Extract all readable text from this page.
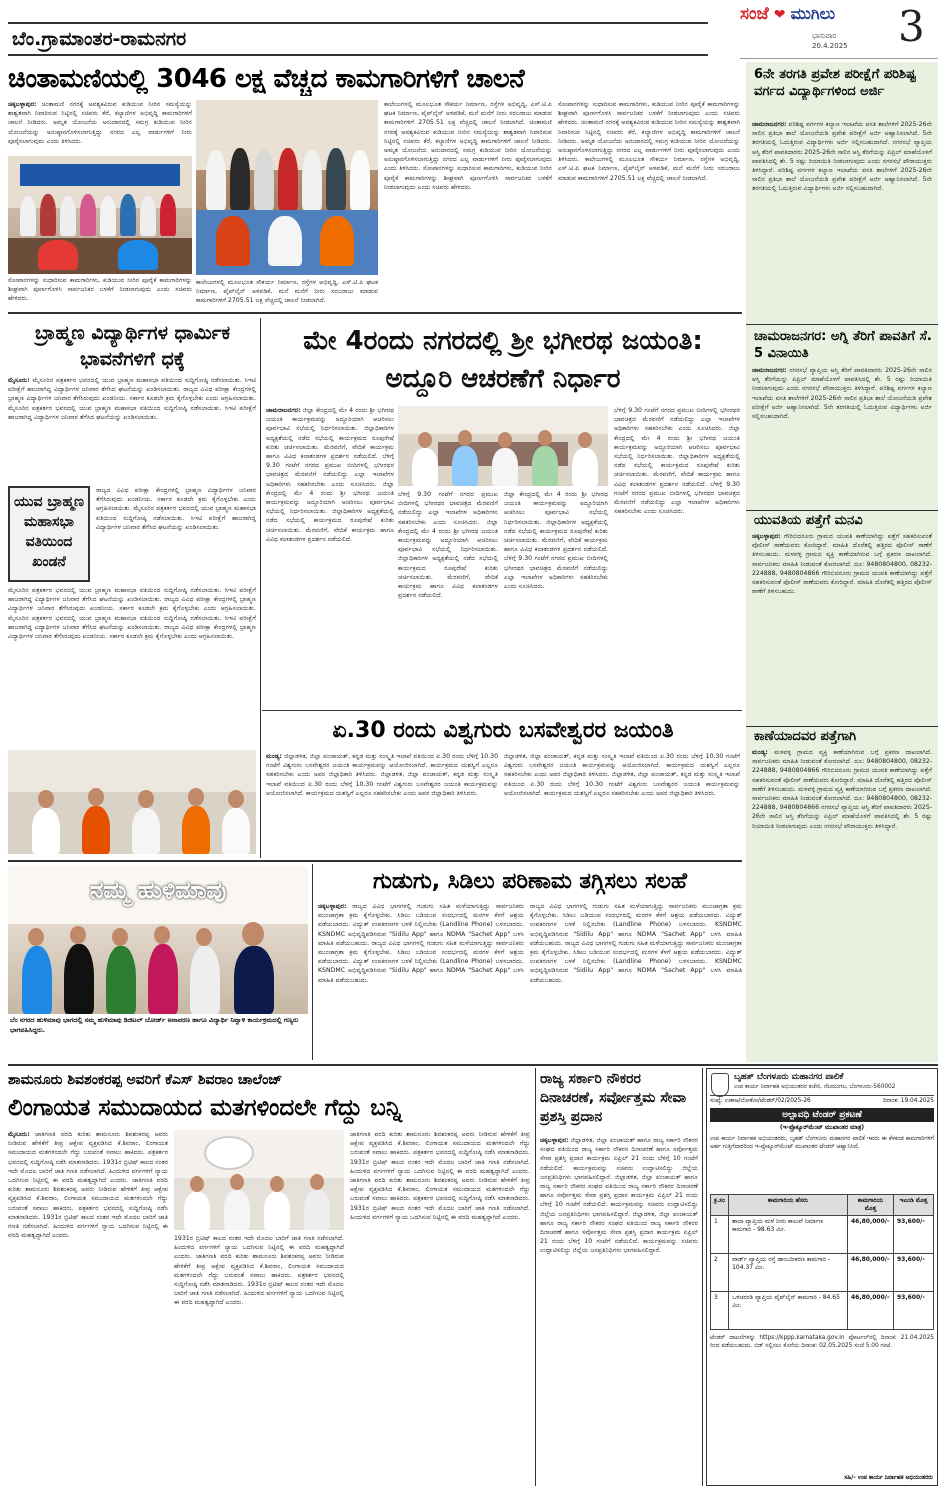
ಬೆಂ.ಗ್ರಾಮಾಂತರ-ರಾಮನಗರ
ಸಂಜೆ ❤ ಮುಗಿಲು
ಭಾನುವಾರ
20.4.2025 3
ಚಿಂತಾಮಣಿಯಲ್ಲಿ 3046 ಲಕ್ಷ ವೆಚ್ಚದ ಕಾಮಗಾರಿಗಳಿಗೆ ಚಾಲನೆ
ಚಿಕ್ಕಬಳ್ಳಾಪುರ: ಚಿಂತಾಮಣಿ ನಗರಕ್ಕೆ ಅವಶ್ಯಕವಿರುವ ಕುಡಿಯುವ ನೀರಿನ ಸಮಸ್ಯೆಯನ್ನು ಶಾಶ್ವತವಾಗಿ ನಿವಾರಿಸುವ ನಿಟ್ಟಿನಲ್ಲಿ ಸಚಿವರು ಕೆರೆ, ಕಲ್ಯಾಣಿಗಳ ಅಭಿವೃದ್ಧಿ ಕಾಮಗಾರಿಗಳಿಗೆ ಚಾಲನೆ ನೀಡಿದರು. ಅಮೃತ ಯೋಜನೆಯ ಅನುದಾನದಲ್ಲಿ ಸಮಗ್ರ ಕುಡಿಯುವ ನೀರಿನ ಯೋಜನೆಯನ್ನು ಅನುಷ್ಠಾನಗೊಳಿಸಲಾಗುತ್ತಿದ್ದು ನಗರದ ಎಲ್ಲ ವಾರ್ಡುಗಳಿಗೆ ನೀರು ಪೂರೈಸಲಾಗುವುದು ಎಂದು ತಿಳಿಸಿದರು.
ಸೋಪಾನಗಳನ್ನು ಸುಧಾರಿಸುವ ಕಾಮಗಾರಿಗಳು, ಕುಡಿಯುವ ನೀರಿನ ಪೂರೈಕೆ ಕಾಮಗಾರಿಗಳನ್ನು ಶೀಘ್ರವಾಗಿ ಪೂರ್ಣಗೊಳಿಸಿ ಸಾರ್ವಜನಿಕರ ಬಳಕೆಗೆ ನೀಡಲಾಗುವುದು ಎಂದು ಸಚಿವರು ಹೇಳಿದರು.
ಕಾಲೇಜುಗಳಲ್ಲಿ ಮೂಲಭೂತ ಸೌಕರ್ಯ ನಿರ್ಮಾಣ, ರಸ್ತೆಗಳ ಅಭಿವೃದ್ಧಿ, ಎಸ್.ಟಿ.ಪಿ ಘಟಕ ನಿರ್ಮಾಣ, ಪೈಪ್‌ಲೈನ್ ಅಳವಡಿಕೆ, ಮನೆ ಮನೆಗೆ ನೀರು ಸರಬರಾಜು ಮಾಡುವ ಕಾಮಗಾರಿಗಳಿಗೆ 2705.51 ಲಕ್ಷ ವೆಚ್ಚದಲ್ಲಿ ಚಾಲನೆ ನೀಡಲಾಗಿದೆ.
ಕಾಲೇಜುಗಳಲ್ಲಿ ಮೂಲಭೂತ ಸೌಕರ್ಯ ನಿರ್ಮಾಣ, ರಸ್ತೆಗಳ ಅಭಿವೃದ್ಧಿ, ಎಸ್.ಟಿ.ಪಿ ಘಟಕ ನಿರ್ಮಾಣ, ಪೈಪ್‌ಲೈನ್ ಅಳವಡಿಕೆ, ಮನೆ ಮನೆಗೆ ನೀರು ಸರಬರಾಜು ಮಾಡುವ ಕಾಮಗಾರಿಗಳಿಗೆ 2705.51 ಲಕ್ಷ ವೆಚ್ಚದಲ್ಲಿ ಚಾಲನೆ ನೀಡಲಾಗಿದೆ. ಚಿಂತಾಮಣಿ ನಗರಕ್ಕೆ ಅವಶ್ಯಕವಿರುವ ಕುಡಿಯುವ ನೀರಿನ ಸಮಸ್ಯೆಯನ್ನು ಶಾಶ್ವತವಾಗಿ ನಿವಾರಿಸುವ ನಿಟ್ಟಿನಲ್ಲಿ ಸಚಿವರು ಕೆರೆ, ಕಲ್ಯಾಣಿಗಳ ಅಭಿವೃದ್ಧಿ ಕಾಮಗಾರಿಗಳಿಗೆ ಚಾಲನೆ ನೀಡಿದರು. ಅಮೃತ ಯೋಜನೆಯ ಅನುದಾನದಲ್ಲಿ ಸಮಗ್ರ ಕುಡಿಯುವ ನೀರಿನ ಯೋಜನೆಯನ್ನು ಅನುಷ್ಠಾನಗೊಳಿಸಲಾಗುತ್ತಿದ್ದು ನಗರದ ಎಲ್ಲ ವಾರ್ಡುಗಳಿಗೆ ನೀರು ಪೂರೈಸಲಾಗುವುದು ಎಂದು ತಿಳಿಸಿದರು. ಸೋಪಾನಗಳನ್ನು ಸುಧಾರಿಸುವ ಕಾಮಗಾರಿಗಳು, ಕುಡಿಯುವ ನೀರಿನ ಪೂರೈಕೆ ಕಾಮಗಾರಿಗಳನ್ನು ಶೀಘ್ರವಾಗಿ ಪೂರ್ಣಗೊಳಿಸಿ ಸಾರ್ವಜನಿಕರ ಬಳಕೆಗೆ ನೀಡಲಾಗುವುದು ಎಂದು ಸಚಿವರು ಹೇಳಿದರು.
ಸೋಪಾನಗಳನ್ನು ಸುಧಾರಿಸುವ ಕಾಮಗಾರಿಗಳು, ಕುಡಿಯುವ ನೀರಿನ ಪೂರೈಕೆ ಕಾಮಗಾರಿಗಳನ್ನು ಶೀಘ್ರವಾಗಿ ಪೂರ್ಣಗೊಳಿಸಿ ಸಾರ್ವಜನಿಕರ ಬಳಕೆಗೆ ನೀಡಲಾಗುವುದು ಎಂದು ಸಚಿವರು ಹೇಳಿದರು. ಚಿಂತಾಮಣಿ ನಗರಕ್ಕೆ ಅವಶ್ಯಕವಿರುವ ಕುಡಿಯುವ ನೀರಿನ ಸಮಸ್ಯೆಯನ್ನು ಶಾಶ್ವತವಾಗಿ ನಿವಾರಿಸುವ ನಿಟ್ಟಿನಲ್ಲಿ ಸಚಿವರು ಕೆರೆ, ಕಲ್ಯಾಣಿಗಳ ಅಭಿವೃದ್ಧಿ ಕಾಮಗಾರಿಗಳಿಗೆ ಚಾಲನೆ ನೀಡಿದರು. ಅಮೃತ ಯೋಜನೆಯ ಅನುದಾನದಲ್ಲಿ ಸಮಗ್ರ ಕುಡಿಯುವ ನೀರಿನ ಯೋಜನೆಯನ್ನು ಅನುಷ್ಠಾನಗೊಳಿಸಲಾಗುತ್ತಿದ್ದು ನಗರದ ಎಲ್ಲ ವಾರ್ಡುಗಳಿಗೆ ನೀರು ಪೂರೈಸಲಾಗುವುದು ಎಂದು ತಿಳಿಸಿದರು. ಕಾಲೇಜುಗಳಲ್ಲಿ ಮೂಲಭೂತ ಸೌಕರ್ಯ ನಿರ್ಮಾಣ, ರಸ್ತೆಗಳ ಅಭಿವೃದ್ಧಿ, ಎಸ್.ಟಿ.ಪಿ ಘಟಕ ನಿರ್ಮಾಣ, ಪೈಪ್‌ಲೈನ್ ಅಳವಡಿಕೆ, ಮನೆ ಮನೆಗೆ ನೀರು ಸರಬರಾಜು ಮಾಡುವ ಕಾಮಗಾರಿಗಳಿಗೆ 2705.51 ಲಕ್ಷ ವೆಚ್ಚದಲ್ಲಿ ಚಾಲನೆ ನೀಡಲಾಗಿದೆ.
6ನೇ ತರಗತಿ ಪ್ರವೇಶ ಪರೀಕ್ಷೆಗೆ ಪರಿಶಿಷ್ಟ ವರ್ಗದ ವಿದ್ಯಾರ್ಥಿಗಳಿಂದ ಅರ್ಜಿ
ಚಾಮರಾಜನಗರ: ಪರಿಶಿಷ್ಟ ವರ್ಗಗಳ ಕಲ್ಯಾಣ ಇಲಾಖೆಯ ವಸತಿ ಶಾಲೆಗಳಿಗೆ 2025-26ನೇ ಸಾಲಿನ ಪ್ರತಿಭಾ ಶಾಲೆ ಯೋಜನೆಯಡಿ ಪ್ರವೇಶ ಪರೀಕ್ಷೆಗೆ ಅರ್ಜಿ ಆಹ್ವಾನಿಸಲಾಗಿದೆ. 5ನೇ ತರಗತಿಯಲ್ಲಿ ಓದುತ್ತಿರುವ ವಿದ್ಯಾರ್ಥಿಗಳು ಅರ್ಜಿ ಸಲ್ಲಿಸಬಹುದಾಗಿದೆ. ನಗರಸಭೆ ವ್ಯಾಪ್ತಿಯ ಆಸ್ತಿ ತೆರಿಗೆ ಪಾವತಿದಾರರು 2025-26ನೇ ಸಾಲಿನ ಆಸ್ತಿ ತೆರಿಗೆಯನ್ನು ಏಪ್ರಿಲ್ ಮಾಹೆಯೊಳಗೆ ಪಾವತಿಸಿದಲ್ಲಿ ಶೇ. 5 ರಷ್ಟು ರಿಯಾಯಿತಿ ನೀಡಲಾಗುವುದು ಎಂದು ನಗರಸಭೆ ಪೌರಾಯುಕ್ತರು ತಿಳಿಸಿದ್ದಾರೆ. ಪರಿಶಿಷ್ಟ ವರ್ಗಗಳ ಕಲ್ಯಾಣ ಇಲಾಖೆಯ ವಸತಿ ಶಾಲೆಗಳಿಗೆ 2025-26ನೇ ಸಾಲಿನ ಪ್ರತಿಭಾ ಶಾಲೆ ಯೋಜನೆಯಡಿ ಪ್ರವೇಶ ಪರೀಕ್ಷೆಗೆ ಅರ್ಜಿ ಆಹ್ವಾನಿಸಲಾಗಿದೆ. 5ನೇ ತರಗತಿಯಲ್ಲಿ ಓದುತ್ತಿರುವ ವಿದ್ಯಾರ್ಥಿಗಳು ಅರ್ಜಿ ಸಲ್ಲಿಸಬಹುದಾಗಿದೆ.
ಚಾಮರಾಜನಗರ: ಅಗ್ನಿ ತೆರಿಗೆ ಪಾವತಿಗೆ ಸೆ. 5 ವಿನಾಯಿತಿ
ಚಾಮರಾಜನಗರ: ನಗರಸಭೆ ವ್ಯಾಪ್ತಿಯ ಆಸ್ತಿ ತೆರಿಗೆ ಪಾವತಿದಾರರು 2025-26ನೇ ಸಾಲಿನ ಆಸ್ತಿ ತೆರಿಗೆಯನ್ನು ಏಪ್ರಿಲ್ ಮಾಹೆಯೊಳಗೆ ಪಾವತಿಸಿದಲ್ಲಿ ಶೇ. 5 ರಷ್ಟು ರಿಯಾಯಿತಿ ನೀಡಲಾಗುವುದು ಎಂದು ನಗರಸಭೆ ಪೌರಾಯುಕ್ತರು ತಿಳಿಸಿದ್ದಾರೆ. ಪರಿಶಿಷ್ಟ ವರ್ಗಗಳ ಕಲ್ಯಾಣ ಇಲಾಖೆಯ ವಸತಿ ಶಾಲೆಗಳಿಗೆ 2025-26ನೇ ಸಾಲಿನ ಪ್ರತಿಭಾ ಶಾಲೆ ಯೋಜನೆಯಡಿ ಪ್ರವೇಶ ಪರೀಕ್ಷೆಗೆ ಅರ್ಜಿ ಆಹ್ವಾನಿಸಲಾಗಿದೆ. 5ನೇ ತರಗತಿಯಲ್ಲಿ ಓದುತ್ತಿರುವ ವಿದ್ಯಾರ್ಥಿಗಳು ಅರ್ಜಿ ಸಲ್ಲಿಸಬಹುದಾಗಿದೆ.
ಯುವತಿಯ ಪತ್ತೆಗೆ ಮನವಿ
ಚಿಕ್ಕಬಳ್ಳಾಪುರ: ಗೌರಿಬಿದನೂರು ಗ್ರಾಮದ ಯುವತಿ ಕಾಣೆಯಾಗಿದ್ದು ಪತ್ತೆಗೆ ಸಹಕರಿಸುವಂತೆ ಪೊಲೀಸ್ ಠಾಣೆಯವರು ಕೋರಿದ್ದಾರೆ. ಮಾಹಿತಿ ದೊರೆತಲ್ಲಿ ಹತ್ತಿರದ ಪೊಲೀಸ್ ಠಾಣೆಗೆ ತಿಳಿಸಬಹುದು. ಮಳವಳ್ಳಿ ಗ್ರಾಮದ ವ್ಯಕ್ತಿ ಕಾಣೆಯಾಗಿರುವ ಬಗ್ಗೆ ಪ್ರಕರಣ ದಾಖಲಾಗಿದೆ. ಸಾರ್ವಜನಿಕರು ಮಾಹಿತಿ ನೀಡುವಂತೆ ಕೋರಲಾಗಿದೆ. ದೂ: 9480804800, 08232-224888, 9480804866 ಗೌರಿಬಿದನೂರು ಗ್ರಾಮದ ಯುವತಿ ಕಾಣೆಯಾಗಿದ್ದು ಪತ್ತೆಗೆ ಸಹಕರಿಸುವಂತೆ ಪೊಲೀಸ್ ಠಾಣೆಯವರು ಕೋರಿದ್ದಾರೆ. ಮಾಹಿತಿ ದೊರೆತಲ್ಲಿ ಹತ್ತಿರದ ಪೊಲೀಸ್ ಠಾಣೆಗೆ ತಿಳಿಸಬಹುದು.
ಕಾಣೆಯಾದವರ ಪತ್ತೆಗಾಗಿ
ಮಂಡ್ಯ: ಮಳವಳ್ಳಿ ಗ್ರಾಮದ ವ್ಯಕ್ತಿ ಕಾಣೆಯಾಗಿರುವ ಬಗ್ಗೆ ಪ್ರಕರಣ ದಾಖಲಾಗಿದೆ. ಸಾರ್ವಜನಿಕರು ಮಾಹಿತಿ ನೀಡುವಂತೆ ಕೋರಲಾಗಿದೆ. ದೂ: 9480804800, 08232-224888, 9480804866 ಗೌರಿಬಿದನೂರು ಗ್ರಾಮದ ಯುವತಿ ಕಾಣೆಯಾಗಿದ್ದು ಪತ್ತೆಗೆ ಸಹಕರಿಸುವಂತೆ ಪೊಲೀಸ್ ಠಾಣೆಯವರು ಕೋರಿದ್ದಾರೆ. ಮಾಹಿತಿ ದೊರೆತಲ್ಲಿ ಹತ್ತಿರದ ಪೊಲೀಸ್ ಠಾಣೆಗೆ ತಿಳಿಸಬಹುದು. ಮಳವಳ್ಳಿ ಗ್ರಾಮದ ವ್ಯಕ್ತಿ ಕಾಣೆಯಾಗಿರುವ ಬಗ್ಗೆ ಪ್ರಕರಣ ದಾಖಲಾಗಿದೆ. ಸಾರ್ವಜನಿಕರು ಮಾಹಿತಿ ನೀಡುವಂತೆ ಕೋರಲಾಗಿದೆ. ದೂ: 9480804800, 08232-224888, 9480804866 ನಗರಸಭೆ ವ್ಯಾಪ್ತಿಯ ಆಸ್ತಿ ತೆರಿಗೆ ಪಾವತಿದಾರರು 2025-26ನೇ ಸಾಲಿನ ಆಸ್ತಿ ತೆರಿಗೆಯನ್ನು ಏಪ್ರಿಲ್ ಮಾಹೆಯೊಳಗೆ ಪಾವತಿಸಿದಲ್ಲಿ ಶೇ. 5 ರಷ್ಟು ರಿಯಾಯಿತಿ ನೀಡಲಾಗುವುದು ಎಂದು ನಗರಸಭೆ ಪೌರಾಯುಕ್ತರು ತಿಳಿಸಿದ್ದಾರೆ.
ಬ್ರಾಹ್ಮಣ ವಿದ್ಯಾರ್ಥಿಗಳ ಧಾರ್ಮಿಕ ಭಾವನೆಗಳಿಗೆ ಧಕ್ಕೆ
ಮೈಸೂರು: ಮೈಸೂರಿನ ಪತ್ರಕರ್ತರ ಭವನದಲ್ಲಿ ಯುವ ಬ್ರಾಹ್ಮಣ ಮಹಾಸಭಾ ವತಿಯಿಂದ ಸುದ್ದಿಗೋಷ್ಠಿ ನಡೆಸಲಾಯಿತು. ಸಿಇಟಿ ಪರೀಕ್ಷೆಗೆ ಹಾಜರಾಗಿದ್ದ ವಿದ್ಯಾರ್ಥಿಗಳ ಜನಿವಾರ ತೆಗೆಸಿದ ಘಟನೆಯನ್ನು ಖಂಡಿಸಲಾಯಿತು. ರಾಜ್ಯದ ವಿವಿಧ ಪರೀಕ್ಷಾ ಕೇಂದ್ರಗಳಲ್ಲಿ ಬ್ರಾಹ್ಮಣ ವಿದ್ಯಾರ್ಥಿಗಳ ಜನಿವಾರ ತೆಗೆಸಿರುವುದು ಖಂಡನೀಯ. ಸರ್ಕಾರ ಕೂಡಲೇ ಕ್ರಮ ಕೈಗೊಳ್ಳಬೇಕು ಎಂದು ಆಗ್ರಹಿಸಲಾಯಿತು. ಮೈಸೂರಿನ ಪತ್ರಕರ್ತರ ಭವನದಲ್ಲಿ ಯುವ ಬ್ರಾಹ್ಮಣ ಮಹಾಸಭಾ ವತಿಯಿಂದ ಸುದ್ದಿಗೋಷ್ಠಿ ನಡೆಸಲಾಯಿತು. ಸಿಇಟಿ ಪರೀಕ್ಷೆಗೆ ಹಾಜರಾಗಿದ್ದ ವಿದ್ಯಾರ್ಥಿಗಳ ಜನಿವಾರ ತೆಗೆಸಿದ ಘಟನೆಯನ್ನು ಖಂಡಿಸಲಾಯಿತು.
ಯುವ ಬ್ರಾಹ್ಮಣ ಮಹಾಸಭಾ ವತಿಯಿಂದ ಖಂಡನೆ
ರಾಜ್ಯದ ವಿವಿಧ ಪರೀಕ್ಷಾ ಕೇಂದ್ರಗಳಲ್ಲಿ ಬ್ರಾಹ್ಮಣ ವಿದ್ಯಾರ್ಥಿಗಳ ಜನಿವಾರ ತೆಗೆಸಿರುವುದು ಖಂಡನೀಯ. ಸರ್ಕಾರ ಕೂಡಲೇ ಕ್ರಮ ಕೈಗೊಳ್ಳಬೇಕು ಎಂದು ಆಗ್ರಹಿಸಲಾಯಿತು. ಮೈಸೂರಿನ ಪತ್ರಕರ್ತರ ಭವನದಲ್ಲಿ ಯುವ ಬ್ರಾಹ್ಮಣ ಮಹಾಸಭಾ ವತಿಯಿಂದ ಸುದ್ದಿಗೋಷ್ಠಿ ನಡೆಸಲಾಯಿತು. ಸಿಇಟಿ ಪರೀಕ್ಷೆಗೆ ಹಾಜರಾಗಿದ್ದ ವಿದ್ಯಾರ್ಥಿಗಳ ಜನಿವಾರ ತೆಗೆಸಿದ ಘಟನೆಯನ್ನು ಖಂಡಿಸಲಾಯಿತು.
ಮೈಸೂರಿನ ಪತ್ರಕರ್ತರ ಭವನದಲ್ಲಿ ಯುವ ಬ್ರಾಹ್ಮಣ ಮಹಾಸಭಾ ವತಿಯಿಂದ ಸುದ್ದಿಗೋಷ್ಠಿ ನಡೆಸಲಾಯಿತು. ಸಿಇಟಿ ಪರೀಕ್ಷೆಗೆ ಹಾಜರಾಗಿದ್ದ ವಿದ್ಯಾರ್ಥಿಗಳ ಜನಿವಾರ ತೆಗೆಸಿದ ಘಟನೆಯನ್ನು ಖಂಡಿಸಲಾಯಿತು. ರಾಜ್ಯದ ವಿವಿಧ ಪರೀಕ್ಷಾ ಕೇಂದ್ರಗಳಲ್ಲಿ ಬ್ರಾಹ್ಮಣ ವಿದ್ಯಾರ್ಥಿಗಳ ಜನಿವಾರ ತೆಗೆಸಿರುವುದು ಖಂಡನೀಯ. ಸರ್ಕಾರ ಕೂಡಲೇ ಕ್ರಮ ಕೈಗೊಳ್ಳಬೇಕು ಎಂದು ಆಗ್ರಹಿಸಲಾಯಿತು. ಮೈಸೂರಿನ ಪತ್ರಕರ್ತರ ಭವನದಲ್ಲಿ ಯುವ ಬ್ರಾಹ್ಮಣ ಮಹಾಸಭಾ ವತಿಯಿಂದ ಸುದ್ದಿಗೋಷ್ಠಿ ನಡೆಸಲಾಯಿತು. ಸಿಇಟಿ ಪರೀಕ್ಷೆಗೆ ಹಾಜರಾಗಿದ್ದ ವಿದ್ಯಾರ್ಥಿಗಳ ಜನಿವಾರ ತೆಗೆಸಿದ ಘಟನೆಯನ್ನು ಖಂಡಿಸಲಾಯಿತು. ರಾಜ್ಯದ ವಿವಿಧ ಪರೀಕ್ಷಾ ಕೇಂದ್ರಗಳಲ್ಲಿ ಬ್ರಾಹ್ಮಣ ವಿದ್ಯಾರ್ಥಿಗಳ ಜನಿವಾರ ತೆಗೆಸಿರುವುದು ಖಂಡನೀಯ. ಸರ್ಕಾರ ಕೂಡಲೇ ಕ್ರಮ ಕೈಗೊಳ್ಳಬೇಕು ಎಂದು ಆಗ್ರಹಿಸಲಾಯಿತು.
ಮೇ 4ರಂದು ನಗರದಲ್ಲಿ ಶ್ರೀ ಭಗೀರಥ ಜಯಂತಿ: ಅದ್ದೂರಿ ಆಚರಣೆಗೆ ನಿರ್ಧಾರ
ಚಾಮರಾಜನಗರ: ಜಿಲ್ಲಾ ಕೇಂದ್ರದಲ್ಲಿ ಮೇ 4 ರಂದು ಶ್ರೀ ಭಗೀರಥ ಜಯಂತಿ ಕಾರ್ಯಕ್ರಮವನ್ನು ಅದ್ದೂರಿಯಾಗಿ ಆಚರಿಸಲು ಪೂರ್ವಭಾವಿ ಸಭೆಯಲ್ಲಿ ನಿರ್ಧರಿಸಲಾಯಿತು. ಜಿಲ್ಲಾಧಿಕಾರಿಗಳ ಅಧ್ಯಕ್ಷತೆಯಲ್ಲಿ ನಡೆದ ಸಭೆಯಲ್ಲಿ ಕಾರ್ಯಕ್ರಮದ ರೂಪುರೇಷೆ ಕುರಿತು ಚರ್ಚಿಸಲಾಯಿತು. ಮೆರವಣಿಗೆ, ವೇದಿಕೆ ಕಾರ್ಯಕ್ರಮ ಹಾಗೂ ವಿವಿಧ ಕಲಾತಂಡಗಳ ಪ್ರದರ್ಶನ ನಡೆಯಲಿದೆ. ಬೆಳಿಗ್ಗೆ 9.30 ಗಂಟೆಗೆ ನಗರದ ಪ್ರಮುಖ ಬೀದಿಗಳಲ್ಲಿ ಭಗೀರಥರ ಭಾವಚಿತ್ರದ ಮೆರವಣಿಗೆ ನಡೆಯಲಿದ್ದು ಎಲ್ಲಾ ಇಲಾಖೆಗಳ ಅಧಿಕಾರಿಗಳು ಸಹಕರಿಸಬೇಕು ಎಂದು ಸೂಚಿಸಿದರು. ಜಿಲ್ಲಾ ಕೇಂದ್ರದಲ್ಲಿ ಮೇ 4 ರಂದು ಶ್ರೀ ಭಗೀರಥ ಜಯಂತಿ ಕಾರ್ಯಕ್ರಮವನ್ನು ಅದ್ದೂರಿಯಾಗಿ ಆಚರಿಸಲು ಪೂರ್ವಭಾವಿ ಸಭೆಯಲ್ಲಿ ನಿರ್ಧರಿಸಲಾಯಿತು. ಜಿಲ್ಲಾಧಿಕಾರಿಗಳ ಅಧ್ಯಕ್ಷತೆಯಲ್ಲಿ ನಡೆದ ಸಭೆಯಲ್ಲಿ ಕಾರ್ಯಕ್ರಮದ ರೂಪುರೇಷೆ ಕುರಿತು ಚರ್ಚಿಸಲಾಯಿತು. ಮೆರವಣಿಗೆ, ವೇದಿಕೆ ಕಾರ್ಯಕ್ರಮ ಹಾಗೂ ವಿವಿಧ ಕಲಾತಂಡಗಳ ಪ್ರದರ್ಶನ ನಡೆಯಲಿದೆ.
ಬೆಳಿಗ್ಗೆ 9.30 ಗಂಟೆಗೆ ನಗರದ ಪ್ರಮುಖ ಬೀದಿಗಳಲ್ಲಿ ಭಗೀರಥರ ಭಾವಚಿತ್ರದ ಮೆರವಣಿಗೆ ನಡೆಯಲಿದ್ದು ಎಲ್ಲಾ ಇಲಾಖೆಗಳ ಅಧಿಕಾರಿಗಳು ಸಹಕರಿಸಬೇಕು ಎಂದು ಸೂಚಿಸಿದರು. ಜಿಲ್ಲಾ ಕೇಂದ್ರದಲ್ಲಿ ಮೇ 4 ರಂದು ಶ್ರೀ ಭಗೀರಥ ಜಯಂತಿ ಕಾರ್ಯಕ್ರಮವನ್ನು ಅದ್ದೂರಿಯಾಗಿ ಆಚರಿಸಲು ಪೂರ್ವಭಾವಿ ಸಭೆಯಲ್ಲಿ ನಿರ್ಧರಿಸಲಾಯಿತು. ಜಿಲ್ಲಾಧಿಕಾರಿಗಳ ಅಧ್ಯಕ್ಷತೆಯಲ್ಲಿ ನಡೆದ ಸಭೆಯಲ್ಲಿ ಕಾರ್ಯಕ್ರಮದ ರೂಪುರೇಷೆ ಕುರಿತು ಚರ್ಚಿಸಲಾಯಿತು. ಮೆರವಣಿಗೆ, ವೇದಿಕೆ ಕಾರ್ಯಕ್ರಮ ಹಾಗೂ ವಿವಿಧ ಕಲಾತಂಡಗಳ ಪ್ರದರ್ಶನ ನಡೆಯಲಿದೆ.
ಜಿಲ್ಲಾ ಕೇಂದ್ರದಲ್ಲಿ ಮೇ 4 ರಂದು ಶ್ರೀ ಭಗೀರಥ ಜಯಂತಿ ಕಾರ್ಯಕ್ರಮವನ್ನು ಅದ್ದೂರಿಯಾಗಿ ಆಚರಿಸಲು ಪೂರ್ವಭಾವಿ ಸಭೆಯಲ್ಲಿ ನಿರ್ಧರಿಸಲಾಯಿತು. ಜಿಲ್ಲಾಧಿಕಾರಿಗಳ ಅಧ್ಯಕ್ಷತೆಯಲ್ಲಿ ನಡೆದ ಸಭೆಯಲ್ಲಿ ಕಾರ್ಯಕ್ರಮದ ರೂಪುರೇಷೆ ಕುರಿತು ಚರ್ಚಿಸಲಾಯಿತು. ಮೆರವಣಿಗೆ, ವೇದಿಕೆ ಕಾರ್ಯಕ್ರಮ ಹಾಗೂ ವಿವಿಧ ಕಲಾತಂಡಗಳ ಪ್ರದರ್ಶನ ನಡೆಯಲಿದೆ. ಬೆಳಿಗ್ಗೆ 9.30 ಗಂಟೆಗೆ ನಗರದ ಪ್ರಮುಖ ಬೀದಿಗಳಲ್ಲಿ ಭಗೀರಥರ ಭಾವಚಿತ್ರದ ಮೆರವಣಿಗೆ ನಡೆಯಲಿದ್ದು ಎಲ್ಲಾ ಇಲಾಖೆಗಳ ಅಧಿಕಾರಿಗಳು ಸಹಕರಿಸಬೇಕು ಎಂದು ಸೂಚಿಸಿದರು.
ಬೆಳಿಗ್ಗೆ 9.30 ಗಂಟೆಗೆ ನಗರದ ಪ್ರಮುಖ ಬೀದಿಗಳಲ್ಲಿ ಭಗೀರಥರ ಭಾವಚಿತ್ರದ ಮೆರವಣಿಗೆ ನಡೆಯಲಿದ್ದು ಎಲ್ಲಾ ಇಲಾಖೆಗಳ ಅಧಿಕಾರಿಗಳು ಸಹಕರಿಸಬೇಕು ಎಂದು ಸೂಚಿಸಿದರು. ಜಿಲ್ಲಾ ಕೇಂದ್ರದಲ್ಲಿ ಮೇ 4 ರಂದು ಶ್ರೀ ಭಗೀರಥ ಜಯಂತಿ ಕಾರ್ಯಕ್ರಮವನ್ನು ಅದ್ದೂರಿಯಾಗಿ ಆಚರಿಸಲು ಪೂರ್ವಭಾವಿ ಸಭೆಯಲ್ಲಿ ನಿರ್ಧರಿಸಲಾಯಿತು. ಜಿಲ್ಲಾಧಿಕಾರಿಗಳ ಅಧ್ಯಕ್ಷತೆಯಲ್ಲಿ ನಡೆದ ಸಭೆಯಲ್ಲಿ ಕಾರ್ಯಕ್ರಮದ ರೂಪುರೇಷೆ ಕುರಿತು ಚರ್ಚಿಸಲಾಯಿತು. ಮೆರವಣಿಗೆ, ವೇದಿಕೆ ಕಾರ್ಯಕ್ರಮ ಹಾಗೂ ವಿವಿಧ ಕಲಾತಂಡಗಳ ಪ್ರದರ್ಶನ ನಡೆಯಲಿದೆ. ಬೆಳಿಗ್ಗೆ 9.30 ಗಂಟೆಗೆ ನಗರದ ಪ್ರಮುಖ ಬೀದಿಗಳಲ್ಲಿ ಭಗೀರಥರ ಭಾವಚಿತ್ರದ ಮೆರವಣಿಗೆ ನಡೆಯಲಿದ್ದು ಎಲ್ಲಾ ಇಲಾಖೆಗಳ ಅಧಿಕಾರಿಗಳು ಸಹಕರಿಸಬೇಕು ಎಂದು ಸೂಚಿಸಿದರು.
ಏ.30 ರಂದು ವಿಶ್ವಗುರು ಬಸವೇಶ್ವರರ ಜಯಂತಿ
ಮಂಡ್ಯ: ಜಿಲ್ಲಾಡಳಿತ, ಜಿಲ್ಲಾ ಪಂಚಾಯತ್, ಕನ್ನಡ ಮತ್ತು ಸಂಸ್ಕೃತಿ ಇಲಾಖೆ ವತಿಯಿಂದ ಏ.30 ರಂದು ಬೆಳಿಗ್ಗೆ 10.30 ಗಂಟೆಗೆ ವಿಶ್ವಗುರು ಬಸವೇಶ್ವರರ ಜಯಂತಿ ಕಾರ್ಯಕ್ರಮವನ್ನು ಆಯೋಜಿಸಲಾಗಿದೆ. ಕಾರ್ಯಕ್ರಮದ ಯಶಸ್ವಿಗೆ ಎಲ್ಲರೂ ಸಹಕರಿಸಬೇಕು ಎಂದು ಅಪರ ಜಿಲ್ಲಾಧಿಕಾರಿ ತಿಳಿಸಿದರು. ಜಿಲ್ಲಾಡಳಿತ, ಜಿಲ್ಲಾ ಪಂಚಾಯತ್, ಕನ್ನಡ ಮತ್ತು ಸಂಸ್ಕೃತಿ ಇಲಾಖೆ ವತಿಯಿಂದ ಏ.30 ರಂದು ಬೆಳಿಗ್ಗೆ 10.30 ಗಂಟೆಗೆ ವಿಶ್ವಗುರು ಬಸವೇಶ್ವರರ ಜಯಂತಿ ಕಾರ್ಯಕ್ರಮವನ್ನು ಆಯೋಜಿಸಲಾಗಿದೆ. ಕಾರ್ಯಕ್ರಮದ ಯಶಸ್ವಿಗೆ ಎಲ್ಲರೂ ಸಹಕರಿಸಬೇಕು ಎಂದು ಅಪರ ಜಿಲ್ಲಾಧಿಕಾರಿ ತಿಳಿಸಿದರು.
ಜಿಲ್ಲಾಡಳಿತ, ಜಿಲ್ಲಾ ಪಂಚಾಯತ್, ಕನ್ನಡ ಮತ್ತು ಸಂಸ್ಕೃತಿ ಇಲಾಖೆ ವತಿಯಿಂದ ಏ.30 ರಂದು ಬೆಳಿಗ್ಗೆ 10.30 ಗಂಟೆಗೆ ವಿಶ್ವಗುರು ಬಸವೇಶ್ವರರ ಜಯಂತಿ ಕಾರ್ಯಕ್ರಮವನ್ನು ಆಯೋಜಿಸಲಾಗಿದೆ. ಕಾರ್ಯಕ್ರಮದ ಯಶಸ್ವಿಗೆ ಎಲ್ಲರೂ ಸಹಕರಿಸಬೇಕು ಎಂದು ಅಪರ ಜಿಲ್ಲಾಧಿಕಾರಿ ತಿಳಿಸಿದರು. ಜಿಲ್ಲಾಡಳಿತ, ಜಿಲ್ಲಾ ಪಂಚಾಯತ್, ಕನ್ನಡ ಮತ್ತು ಸಂಸ್ಕೃತಿ ಇಲಾಖೆ ವತಿಯಿಂದ ಏ.30 ರಂದು ಬೆಳಿಗ್ಗೆ 10.30 ಗಂಟೆಗೆ ವಿಶ್ವಗುರು ಬಸವೇಶ್ವರರ ಜಯಂತಿ ಕಾರ್ಯಕ್ರಮವನ್ನು ಆಯೋಜಿಸಲಾಗಿದೆ. ಕಾರ್ಯಕ್ರಮದ ಯಶಸ್ವಿಗೆ ಎಲ್ಲರೂ ಸಹಕರಿಸಬೇಕು ಎಂದು ಅಪರ ಜಿಲ್ಲಾಧಿಕಾರಿ ತಿಳಿಸಿದರು.
ನಮ್ಮ ಹುಳಿಮಾವು
ಬೆಂ ನಗರದ ಹುಳಿಮಾವು ಭಾಗದಲ್ಲಿ ನಮ್ಮ ಹುಳಿಮಾವು ಡಿಜಿಟಲ್ ಬೋರ್ಡ್ ಅನಾವರಣ ಹಾಗೂ ವಿದ್ಯಾರ್ಥಿ ನಿವ್ವಾಳಿ ಕಾರ್ಯಕ್ರಮದಲ್ಲಿ ಗಣ್ಯರು ಭಾಗವಹಿಸಿದ್ದರು.
ಗುಡುಗು, ಸಿಡಿಲು ಪರಿಣಾಮ ತಗ್ಗಿಸಲು ಸಲಹೆ
ಚಿಕ್ಕಬಳ್ಳಾಪುರ: ರಾಜ್ಯದ ವಿವಿಧ ಭಾಗಗಳಲ್ಲಿ ಗುಡುಗು ಸಹಿತ ಮಳೆಯಾಗುತ್ತಿದ್ದು ಸಾರ್ವಜನಿಕರು ಮುಂಜಾಗ್ರತಾ ಕ್ರಮ ಕೈಗೊಳ್ಳಬೇಕು. ಸಿಡಿಲು ಬಡಿಯುವ ಸಂದರ್ಭದಲ್ಲಿ ಮರಗಳ ಕೆಳಗೆ ಆಶ್ರಯ ಪಡೆಯಬಾರದು. ವಿದ್ಯುತ್ ಉಪಕರಣಗಳ ಬಳಕೆ ನಿಲ್ಲಿಸಬೇಕು (Landline Phone) ಬಳಸಬಾರದು. KSNDMC ಅಭಿವೃದ್ಧಿಪಡಿಸಿರುವ "Sidilu App" ಹಾಗೂ NDMA "Sachet App" ಬಳಸಿ ಮಾಹಿತಿ ಪಡೆಯಬಹುದು. ರಾಜ್ಯದ ವಿವಿಧ ಭಾಗಗಳಲ್ಲಿ ಗುಡುಗು ಸಹಿತ ಮಳೆಯಾಗುತ್ತಿದ್ದು ಸಾರ್ವಜನಿಕರು ಮುಂಜಾಗ್ರತಾ ಕ್ರಮ ಕೈಗೊಳ್ಳಬೇಕು. ಸಿಡಿಲು ಬಡಿಯುವ ಸಂದರ್ಭದಲ್ಲಿ ಮರಗಳ ಕೆಳಗೆ ಆಶ್ರಯ ಪಡೆಯಬಾರದು. ವಿದ್ಯುತ್ ಉಪಕರಣಗಳ ಬಳಕೆ ನಿಲ್ಲಿಸಬೇಕು (Landline Phone) ಬಳಸಬಾರದು. KSNDMC ಅಭಿವೃದ್ಧಿಪಡಿಸಿರುವ "Sidilu App" ಹಾಗೂ NDMA "Sachet App" ಬಳಸಿ ಮಾಹಿತಿ ಪಡೆಯಬಹುದು.
ರಾಜ್ಯದ ವಿವಿಧ ಭಾಗಗಳಲ್ಲಿ ಗುಡುಗು ಸಹಿತ ಮಳೆಯಾಗುತ್ತಿದ್ದು ಸಾರ್ವಜನಿಕರು ಮುಂಜಾಗ್ರತಾ ಕ್ರಮ ಕೈಗೊಳ್ಳಬೇಕು. ಸಿಡಿಲು ಬಡಿಯುವ ಸಂದರ್ಭದಲ್ಲಿ ಮರಗಳ ಕೆಳಗೆ ಆಶ್ರಯ ಪಡೆಯಬಾರದು. ವಿದ್ಯುತ್ ಉಪಕರಣಗಳ ಬಳಕೆ ನಿಲ್ಲಿಸಬೇಕು (Landline Phone) ಬಳಸಬಾರದು. KSNDMC ಅಭಿವೃದ್ಧಿಪಡಿಸಿರುವ "Sidilu App" ಹಾಗೂ NDMA "Sachet App" ಬಳಸಿ ಮಾಹಿತಿ ಪಡೆಯಬಹುದು. ರಾಜ್ಯದ ವಿವಿಧ ಭಾಗಗಳಲ್ಲಿ ಗುಡುಗು ಸಹಿತ ಮಳೆಯಾಗುತ್ತಿದ್ದು ಸಾರ್ವಜನಿಕರು ಮುಂಜಾಗ್ರತಾ ಕ್ರಮ ಕೈಗೊಳ್ಳಬೇಕು. ಸಿಡಿಲು ಬಡಿಯುವ ಸಂದರ್ಭದಲ್ಲಿ ಮರಗಳ ಕೆಳಗೆ ಆಶ್ರಯ ಪಡೆಯಬಾರದು. ವಿದ್ಯುತ್ ಉಪಕರಣಗಳ ಬಳಕೆ ನಿಲ್ಲಿಸಬೇಕು (Landline Phone) ಬಳಸಬಾರದು. KSNDMC ಅಭಿವೃದ್ಧಿಪಡಿಸಿರುವ "Sidilu App" ಹಾಗೂ NDMA "Sachet App" ಬಳಸಿ ಮಾಹಿತಿ ಪಡೆಯಬಹುದು.
ಶಾಮನೂರು ಶಿವಶಂಕರಪ್ಪ ಅವರಿಗೆ ಕೆಎಸ್ ಶಿವರಾಂ ಚಾಲೆಂಜ್
ಲಿಂಗಾಯತ ಸಮುದಾಯದ ಮತಗಳಿಂದಲೇ ಗೆದ್ದು ಬನ್ನಿ
ಮೈಸೂರು: ಜಾತಿಗಣತಿ ವರದಿ ಕುರಿತು ಶಾಮನೂರು ಶಿವಶಂಕರಪ್ಪ ಅವರು ನೀಡಿರುವ ಹೇಳಿಕೆಗೆ ತೀವ್ರ ಆಕ್ಷೇಪ ವ್ಯಕ್ತಪಡಿಸಿದ ಕೆ.ಶಿವರಾಂ, ಲಿಂಗಾಯತ ಸಮುದಾಯದ ಮತಗಳಿಂದಲೇ ಗೆದ್ದು ಬರುವಂತೆ ಸವಾಲು ಹಾಕಿದರು. ಪತ್ರಕರ್ತರ ಭವನದಲ್ಲಿ ಸುದ್ದಿಗೋಷ್ಠಿ ನಡೆಸಿ ಮಾತನಾಡಿದರು. 1931ರ ಬ್ರಿಟಿಷ್ ಕಾಲದ ನಂತರ ಇದೇ ಮೊದಲ ಬಾರಿಗೆ ಜಾತಿ ಗಣತಿ ನಡೆಸಲಾಗಿದೆ. ಹಿಂದುಳಿದ ವರ್ಗಗಳಿಗೆ ನ್ಯಾಯ ಒದಗಿಸುವ ನಿಟ್ಟಿನಲ್ಲಿ ಈ ವರದಿ ಮಹತ್ವದ್ದಾಗಿದೆ ಎಂದರು. ಜಾತಿಗಣತಿ ವರದಿ ಕುರಿತು ಶಾಮನೂರು ಶಿವಶಂಕರಪ್ಪ ಅವರು ನೀಡಿರುವ ಹೇಳಿಕೆಗೆ ತೀವ್ರ ಆಕ್ಷೇಪ ವ್ಯಕ್ತಪಡಿಸಿದ ಕೆ.ಶಿವರಾಂ, ಲಿಂಗಾಯತ ಸಮುದಾಯದ ಮತಗಳಿಂದಲೇ ಗೆದ್ದು ಬರುವಂತೆ ಸವಾಲು ಹಾಕಿದರು. ಪತ್ರಕರ್ತರ ಭವನದಲ್ಲಿ ಸುದ್ದಿಗೋಷ್ಠಿ ನಡೆಸಿ ಮಾತನಾಡಿದರು. 1931ರ ಬ್ರಿಟಿಷ್ ಕಾಲದ ನಂತರ ಇದೇ ಮೊದಲ ಬಾರಿಗೆ ಜಾತಿ ಗಣತಿ ನಡೆಸಲಾಗಿದೆ. ಹಿಂದುಳಿದ ವರ್ಗಗಳಿಗೆ ನ್ಯಾಯ ಒದಗಿಸುವ ನಿಟ್ಟಿನಲ್ಲಿ ಈ ವರದಿ ಮಹತ್ವದ್ದಾಗಿದೆ ಎಂದರು.	1931ರ ಬ್ರಿಟಿಷ್ ಕಾಲದ ನಂತರ ಇದೇ ಮೊದಲ ಬಾರಿಗೆ ಜಾತಿ ಗಣತಿ ನಡೆಸಲಾಗಿದೆ. ಹಿಂದುಳಿದ ವರ್ಗಗಳಿಗೆ ನ್ಯಾಯ ಒದಗಿಸುವ ನಿಟ್ಟಿನಲ್ಲಿ ಈ ವರದಿ ಮಹತ್ವದ್ದಾಗಿದೆ ಎಂದರು. ಜಾತಿಗಣತಿ ವರದಿ ಕುರಿತು ಶಾಮನೂರು ಶಿವಶಂಕರಪ್ಪ ಅವರು ನೀಡಿರುವ ಹೇಳಿಕೆಗೆ ತೀವ್ರ ಆಕ್ಷೇಪ ವ್ಯಕ್ತಪಡಿಸಿದ ಕೆ.ಶಿವರಾಂ, ಲಿಂಗಾಯತ ಸಮುದಾಯದ ಮತಗಳಿಂದಲೇ ಗೆದ್ದು ಬರುವಂತೆ ಸವಾಲು ಹಾಕಿದರು. ಪತ್ರಕರ್ತರ ಭವನದಲ್ಲಿ ಸುದ್ದಿಗೋಷ್ಠಿ ನಡೆಸಿ ಮಾತನಾಡಿದರು. 1931ರ ಬ್ರಿಟಿಷ್ ಕಾಲದ ನಂತರ ಇದೇ ಮೊದಲ ಬಾರಿಗೆ ಜಾತಿ ಗಣತಿ ನಡೆಸಲಾಗಿದೆ. ಹಿಂದುಳಿದ ವರ್ಗಗಳಿಗೆ ನ್ಯಾಯ ಒದಗಿಸುವ ನಿಟ್ಟಿನಲ್ಲಿ ಈ ವರದಿ ಮಹತ್ವದ್ದಾಗಿದೆ ಎಂದರು.
ಜಾತಿಗಣತಿ ವರದಿ ಕುರಿತು ಶಾಮನೂರು ಶಿವಶಂಕರಪ್ಪ ಅವರು ನೀಡಿರುವ ಹೇಳಿಕೆಗೆ ತೀವ್ರ ಆಕ್ಷೇಪ ವ್ಯಕ್ತಪಡಿಸಿದ ಕೆ.ಶಿವರಾಂ, ಲಿಂಗಾಯತ ಸಮುದಾಯದ ಮತಗಳಿಂದಲೇ ಗೆದ್ದು ಬರುವಂತೆ ಸವಾಲು ಹಾಕಿದರು. ಪತ್ರಕರ್ತರ ಭವನದಲ್ಲಿ ಸುದ್ದಿಗೋಷ್ಠಿ ನಡೆಸಿ ಮಾತನಾಡಿದರು. 1931ರ ಬ್ರಿಟಿಷ್ ಕಾಲದ ನಂತರ ಇದೇ ಮೊದಲ ಬಾರಿಗೆ ಜಾತಿ ಗಣತಿ ನಡೆಸಲಾಗಿದೆ. ಹಿಂದುಳಿದ ವರ್ಗಗಳಿಗೆ ನ್ಯಾಯ ಒದಗಿಸುವ ನಿಟ್ಟಿನಲ್ಲಿ ಈ ವರದಿ ಮಹತ್ವದ್ದಾಗಿದೆ ಎಂದರು. ಜಾತಿಗಣತಿ ವರದಿ ಕುರಿತು ಶಾಮನೂರು ಶಿವಶಂಕರಪ್ಪ ಅವರು ನೀಡಿರುವ ಹೇಳಿಕೆಗೆ ತೀವ್ರ ಆಕ್ಷೇಪ ವ್ಯಕ್ತಪಡಿಸಿದ ಕೆ.ಶಿವರಾಂ, ಲಿಂಗಾಯತ ಸಮುದಾಯದ ಮತಗಳಿಂದಲೇ ಗೆದ್ದು ಬರುವಂತೆ ಸವಾಲು ಹಾಕಿದರು. ಪತ್ರಕರ್ತರ ಭವನದಲ್ಲಿ ಸುದ್ದಿಗೋಷ್ಠಿ ನಡೆಸಿ ಮಾತನಾಡಿದರು. 1931ರ ಬ್ರಿಟಿಷ್ ಕಾಲದ ನಂತರ ಇದೇ ಮೊದಲ ಬಾರಿಗೆ ಜಾತಿ ಗಣತಿ ನಡೆಸಲಾಗಿದೆ. ಹಿಂದುಳಿದ ವರ್ಗಗಳಿಗೆ ನ್ಯಾಯ ಒದಗಿಸುವ ನಿಟ್ಟಿನಲ್ಲಿ ಈ ವರದಿ ಮಹತ್ವದ್ದಾಗಿದೆ ಎಂದರು.
ರಾಜ್ಯ ಸರ್ಕಾರಿ ನೌಕರರ ದಿನಾಚರಣೆ, ಸರ್ವೋತ್ತಮ ಸೇವಾ ಪ್ರಶಸ್ತಿ ಪ್ರದಾನ
ಚಿಕ್ಕಬಳ್ಳಾಪುರ: ಜಿಲ್ಲಾಡಳಿತ, ಜಿಲ್ಲಾ ಪಂಚಾಯತ್ ಹಾಗೂ ರಾಜ್ಯ ಸರ್ಕಾರಿ ನೌಕರರ ಸಂಘದ ವತಿಯಿಂದ ರಾಜ್ಯ ಸರ್ಕಾರಿ ನೌಕರರ ದಿನಾಚರಣೆ ಹಾಗೂ ಸರ್ವೋತ್ತಮ ಸೇವಾ ಪ್ರಶಸ್ತಿ ಪ್ರದಾನ ಕಾರ್ಯಕ್ರಮ ಏಪ್ರಿಲ್ 21 ರಂದು ಬೆಳಿಗ್ಗೆ 10 ಗಂಟೆಗೆ ನಡೆಯಲಿದೆ. ಕಾರ್ಯಕ್ರಮವನ್ನು ಸಚಿವರು ಉದ್ಘಾಟಿಸಲಿದ್ದು ಜಿಲ್ಲೆಯ ಜನಪ್ರತಿನಿಧಿಗಳು ಭಾಗವಹಿಸಲಿದ್ದಾರೆ. ಜಿಲ್ಲಾಡಳಿತ, ಜಿಲ್ಲಾ ಪಂಚಾಯತ್ ಹಾಗೂ ರಾಜ್ಯ ಸರ್ಕಾರಿ ನೌಕರರ ಸಂಘದ ವತಿಯಿಂದ ರಾಜ್ಯ ಸರ್ಕಾರಿ ನೌಕರರ ದಿನಾಚರಣೆ ಹಾಗೂ ಸರ್ವೋತ್ತಮ ಸೇವಾ ಪ್ರಶಸ್ತಿ ಪ್ರದಾನ ಕಾರ್ಯಕ್ರಮ ಏಪ್ರಿಲ್ 21 ರಂದು ಬೆಳಿಗ್ಗೆ 10 ಗಂಟೆಗೆ ನಡೆಯಲಿದೆ. ಕಾರ್ಯಕ್ರಮವನ್ನು ಸಚಿವರು ಉದ್ಘಾಟಿಸಲಿದ್ದು ಜಿಲ್ಲೆಯ ಜನಪ್ರತಿನಿಧಿಗಳು ಭಾಗವಹಿಸಲಿದ್ದಾರೆ. ಜಿಲ್ಲಾಡಳಿತ, ಜಿಲ್ಲಾ ಪಂಚಾಯತ್ ಹಾಗೂ ರಾಜ್ಯ ಸರ್ಕಾರಿ ನೌಕರರ ಸಂಘದ ವತಿಯಿಂದ ರಾಜ್ಯ ಸರ್ಕಾರಿ ನೌಕರರ ದಿನಾಚರಣೆ ಹಾಗೂ ಸರ್ವೋತ್ತಮ ಸೇವಾ ಪ್ರಶಸ್ತಿ ಪ್ರದಾನ ಕಾರ್ಯಕ್ರಮ ಏಪ್ರಿಲ್ 21 ರಂದು ಬೆಳಿಗ್ಗೆ 10 ಗಂಟೆಗೆ ನಡೆಯಲಿದೆ. ಕಾರ್ಯಕ್ರಮವನ್ನು ಸಚಿವರು ಉದ್ಘಾಟಿಸಲಿದ್ದು ಜಿಲ್ಲೆಯ ಜನಪ್ರತಿನಿಧಿಗಳು ಭಾಗವಹಿಸಲಿದ್ದಾರೆ.
ಬೃಹತ್ ಬೆಂಗಳೂರು ಮಹಾನಗರ ಪಾಲಿಕೆ
ಉಪ ಕಾರ್ಯ ನಿರ್ವಾಹಕ ಅಭಿಯಂತರರ ಕಚೇರಿ, ನೆಲಮಂಗಲ, ಬೆಂಗಳೂರು-560002
ಸಂಖ್ಯೆ: ಉಕಾಅ/ಲೋಕೋ/ಟೆಂಡರ್/02/2025-26	ದಿನಾಂಕ: 19.04.2025
ಅಲ್ಪಾವಧಿ ಟೆಂಡರ್ ಪ್ರಕಟಣೆ
(ಇ-ಪ್ರೊಕ್ಯೂರ್‌ಮೆಂಟ್ ಮುಖಾಂತರ ಮಾತ್ರ)
ಉಪ ಕಾರ್ಯ ನಿರ್ವಾಹಕ ಅಭಿಯಂತರರು, ಬೃಹತ್ ಬೆಂಗಳೂರು ಮಹಾನಗರ ಪಾಲಿಕೆ ಇವರು ಈ ಕೆಳಕಂಡ ಕಾಮಗಾರಿಗಳಿಗೆ ಅರ್ಹ ಗುತ್ತಿಗೆದಾರರಿಂದ ಇ-ಪ್ರೊಕ್ಯೂರ್‌ಮೆಂಟ್ ಮುಖಾಂತರ ಟೆಂಡರ್ ಆಹ್ವಾನಿಸಿದೆ.
ಕ್ರ.ಸಂ	ಕಾಮಗಾರಿಯ ಹೆಸರು	ಕಾಮಗಾರಿಯ ಮೊತ್ತ	ಇಎಂಡಿ ಮೊತ್ತ
1	ಶಾಲಾ ವ್ಯಾಪ್ತಿಯ ಮಳೆ ನೀರು ಕಾಲುವೆ ನಿರ್ಮಾಣ ಕಾಮಗಾರಿ - 98.63 ಮೀ.	46,80,000/-	93,600/-
2	ವಾರ್ಡ್ ವ್ಯಾಪ್ತಿಯ ರಸ್ತೆ ಡಾಂಬರೀಕರಣ ಕಾಮಗಾರಿ - 104.37 ಮೀ.	46,80,000/-	93,600/-
3	ಒಳಚರಂಡಿ ವ್ಯಾಪ್ತಿಯ ಪೈಪ್‌ಲೈನ್ ಕಾಮಗಾರಿ - 84.65 ಮೀ.	46,80,000/-	93,600/-
ಟೆಂಡರ್ ದಾಖಲೆಗಳನ್ನು https://kppp.karnataka.gov.in ಪೋರ್ಟಲ್‌ನಲ್ಲಿ ದಿನಾಂಕ: 21.04.2025 ರಿಂದ ಪಡೆಯಬಹುದು. ಬಿಡ್ ಸಲ್ಲಿಸಲು ಕೊನೆಯ ದಿನಾಂಕ: 02.05.2025 ಸಂಜೆ 5.00 ಗಂಟೆ.
ಸಹಿ/- ಉಪ ಕಾರ್ಯ ನಿರ್ವಾಹಕ ಅಭಿಯಂತರರು
